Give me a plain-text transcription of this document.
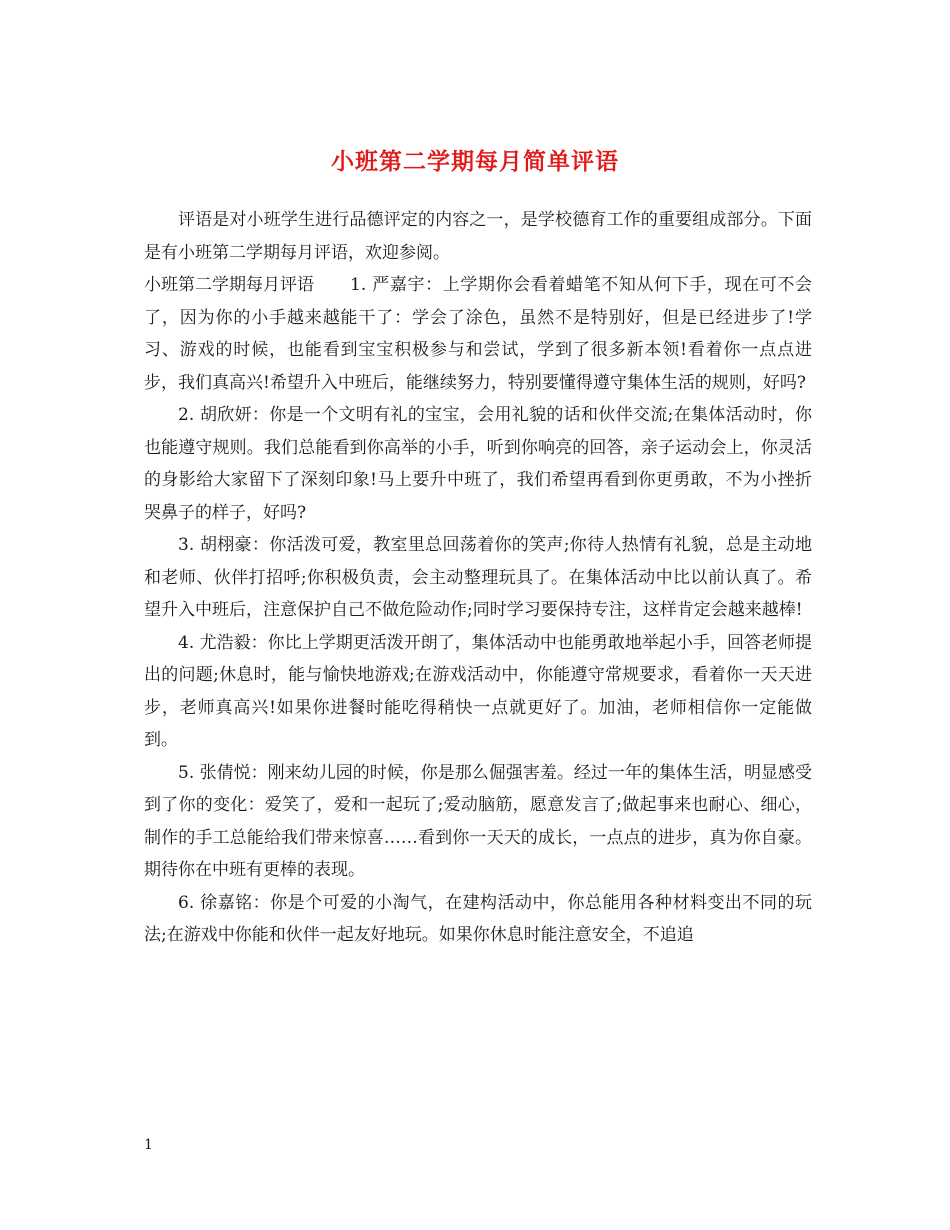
小班第二学期每月简单评语

评语是对小班学生进行品德评定的内容之一，是学校德育工作的重要组成部分。下面是有小班第二学期每月评语，欢迎参阅。

小班第二学期每月评语 1. 严嘉宇：上学期你会看着蜡笔不知从何下手，现在可不会了，因为你的小手越来越能干了：学会了涂色，虽然不是特别好，但是已经进步了!学习、游戏的时候，也能看到宝宝积极参与和尝试，学到了很多新本领!看着你一点点进步，我们真高兴!希望升入中班后，能继续努力，特别要懂得遵守集体生活的规则，好吗?

2. 胡欣妍：你是一个文明有礼的宝宝，会用礼貌的话和伙伴交流;在集体活动时，你也能遵守规则。我们总能看到你高举的小手，听到你响亮的回答，亲子运动会上，你灵活的身影给大家留下了深刻印象!马上要升中班了，我们希望再看到你更勇敢，不为小挫折哭鼻子的样子，好吗?

3. 胡栩豪：你活泼可爱，教室里总回荡着你的笑声;你待人热情有礼貌，总是主动地和老师、伙伴打招呼;你积极负责，会主动整理玩具了。在集体活动中比以前认真了。希望升入中班后，注意保护自己不做危险动作;同时学习要保持专注，这样肯定会越来越棒!

4. 尤浩毅：你比上学期更活泼开朗了，集体活动中也能勇敢地举起小手，回答老师提出的问题;休息时，能与愉快地游戏;在游戏活动中，你能遵守常规要求，看着你一天天进步，老师真高兴!如果你进餐时能吃得稍快一点就更好了。加油，老师相信你一定能做到。

5. 张倩悦：刚来幼儿园的时候，你是那么倔强害羞。经过一年的集体生活，明显感受到了你的变化：爱笑了，爱和一起玩了;爱动脑筋，愿意发言了;做起事来也耐心、细心，制作的手工总能给我们带来惊喜……看到你一天天的成长，一点点的进步，真为你自豪。期待你在中班有更棒的表现。

6. 徐嘉铭：你是个可爱的小淘气，在建构活动中，你总能用各种材料变出不同的玩法;在游戏中你能和伙伴一起友好地玩。如果你休息时能注意安全，不追追

1
